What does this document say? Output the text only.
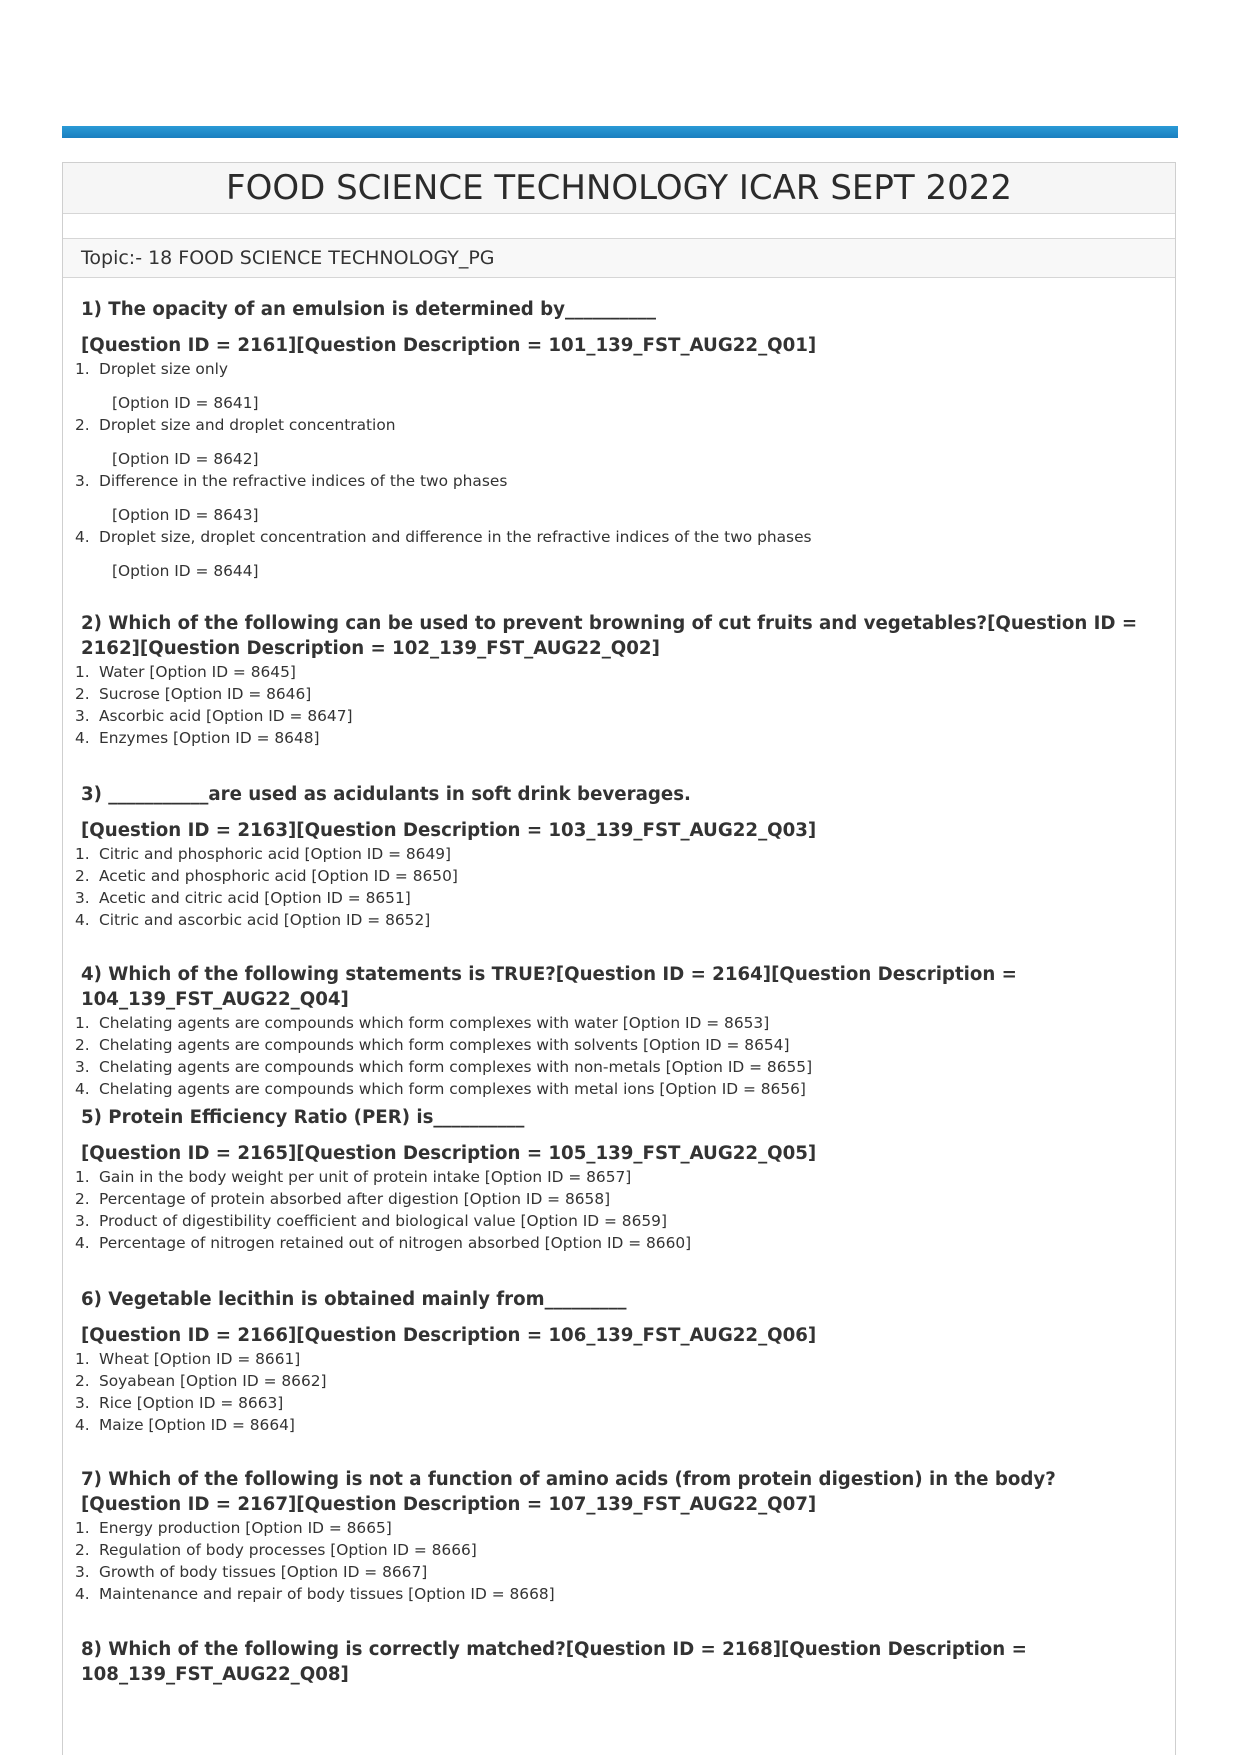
FOOD SCIENCE TECHNOLOGY ICAR SEPT 2022
Topic:- 18 FOOD SCIENCE TECHNOLOGY_PG
1) The opacity of an emulsion is determined by__________
[Question ID = 2161][Question Description = 101_139_FST_AUG22_Q01]
1. Droplet size only
[Option ID = 8641]
2. Droplet size and droplet concentration
[Option ID = 8642]
3. Difference in the refractive indices of the two phases
[Option ID = 8643]
4. Droplet size, droplet concentration and difference in the refractive indices of the two phases
[Option ID = 8644]
2) Which of the following can be used to prevent browning of cut fruits and vegetables?[Question ID = 2162][Question Description = 102_139_FST_AUG22_Q02]
1. Water [Option ID = 8645]
2. Sucrose [Option ID = 8646]
3. Ascorbic acid [Option ID = 8647]
4. Enzymes [Option ID = 8648]
3) ___________are used as acidulants in soft drink beverages.
[Question ID = 2163][Question Description = 103_139_FST_AUG22_Q03]
1. Citric and phosphoric acid [Option ID = 8649]
2. Acetic and phosphoric acid [Option ID = 8650]
3. Acetic and citric acid [Option ID = 8651]
4. Citric and ascorbic acid [Option ID = 8652]
4) Which of the following statements is TRUE?[Question ID = 2164][Question Description = 104_139_FST_AUG22_Q04]
1. Chelating agents are compounds which form complexes with water [Option ID = 8653]
2. Chelating agents are compounds which form complexes with solvents [Option ID = 8654]
3. Chelating agents are compounds which form complexes with non-metals [Option ID = 8655]
4. Chelating agents are compounds which form complexes with metal ions [Option ID = 8656]
5) Protein Efficiency Ratio (PER) is__________
[Question ID = 2165][Question Description = 105_139_FST_AUG22_Q05]
1. Gain in the body weight per unit of protein intake [Option ID = 8657]
2. Percentage of protein absorbed after digestion [Option ID = 8658]
3. Product of digestibility coefficient and biological value [Option ID = 8659]
4. Percentage of nitrogen retained out of nitrogen absorbed [Option ID = 8660]
6) Vegetable lecithin is obtained mainly from_________
[Question ID = 2166][Question Description = 106_139_FST_AUG22_Q06]
1. Wheat [Option ID = 8661]
2. Soyabean [Option ID = 8662]
3. Rice [Option ID = 8663]
4. Maize [Option ID = 8664]
7) Which of the following is not a function of amino acids (from protein digestion) in the body?[Question ID = 2167][Question Description = 107_139_FST_AUG22_Q07]
1. Energy production [Option ID = 8665]
2. Regulation of body processes [Option ID = 8666]
3. Growth of body tissues [Option ID = 8667]
4. Maintenance and repair of body tissues [Option ID = 8668]
8) Which of the following is correctly matched?[Question ID = 2168][Question Description = 108_139_FST_AUG22_Q08]
